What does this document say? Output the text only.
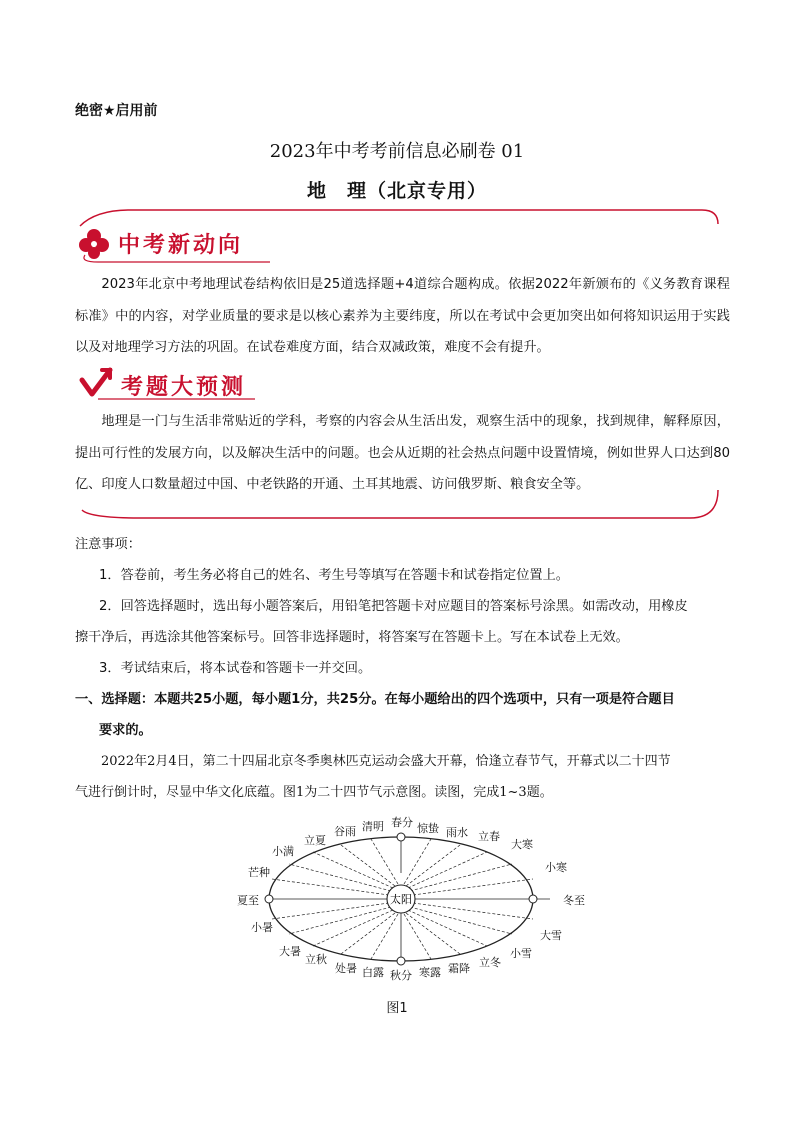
绝密★启用前
2023年中考考前信息必刷卷 01
地　理（北京专用）
中考新动向
2023年北京中考地理试卷结构依旧是25道选择题+4道综合题构成。依据2022年新颁布的《义务教育课程标准》中的内容，对学业质量的要求是以核心素养为主要纬度，所以在考试中会更加突出如何将知识运用于实践以及对地理学习方法的巩固。在试卷难度方面，结合双减政策，难度不会有提升。
考题大预测
地理是一门与生活非常贴近的学科，考察的内容会从生活出发，观察生活中的现象，找到规律，解释原因，提出可行性的发展方向，以及解决生活中的问题。也会从近期的社会热点问题中设置情境，例如世界人口达到80亿、印度人口数量超过中国、中老铁路的开通、土耳其地震、访问俄罗斯、粮食安全等。
注意事项：
1．答卷前，考生务必将自己的姓名、考生号等填写在答题卡和试卷指定位置上。
2．回答选择题时，选出每小题答案后，用铅笔把答题卡对应题目的答案标号涂黑。如需改动，用橡皮
擦干净后，再选涂其他答案标号。回答非选择题时，将答案写在答题卡上。写在本试卷上无效。
3．考试结束后，将本试卷和答题卡一并交回。
一、选择题：本题共25小题，每小题1分，共25分。在每小题给出的四个选项中，只有一项是符合题目
要求的。
2022年2月4日，第二十四届北京冬季奥林匹克运动会盛大开幕，恰逢立春节气，开幕式以二十四节
气进行倒计时，尽显中华文化底蕴。图1为二十四节气示意图。读图，完成1~3题。
太阳
春分 惊蛰 雨水 立春
大寒
小寒
冬至
大雪
小雪
立冬
霜降
寒露
秋分
白露
处暑
立秋
大暑
小暑
夏至
芒种
小满
立夏
谷雨 清明
图1
